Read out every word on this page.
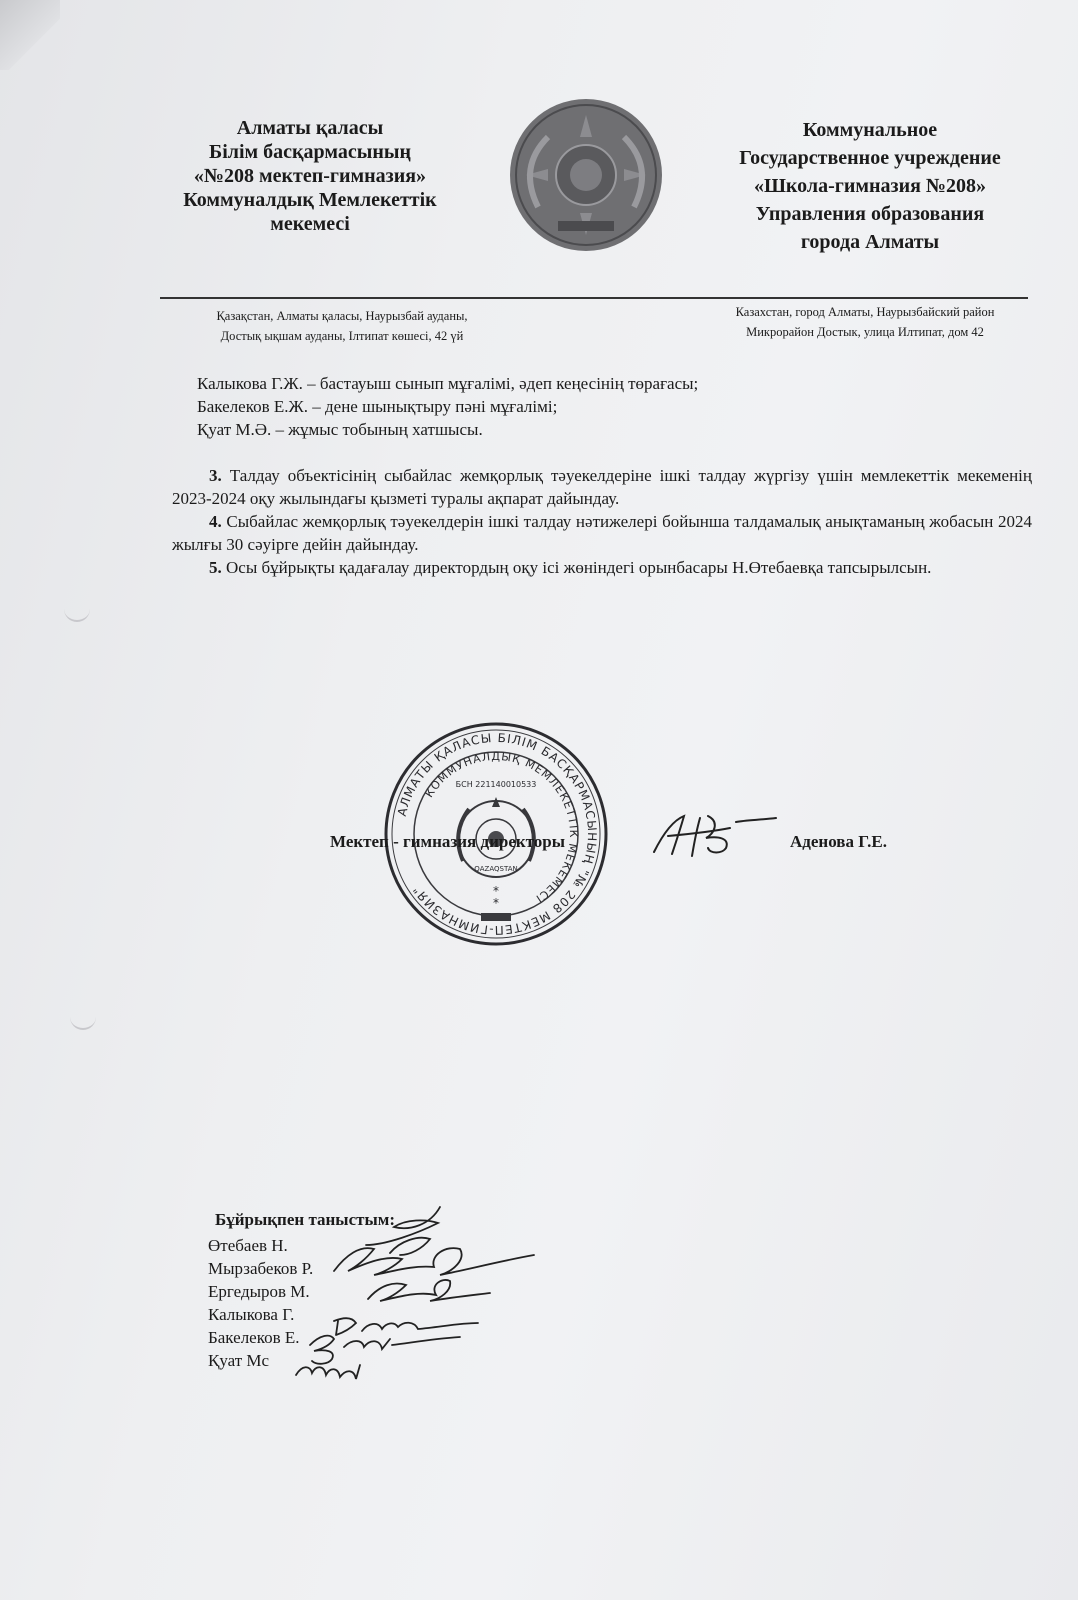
Алматы қаласы
Білім басқармасының
«№208 мектеп-гимназия»
Коммуналдық Мемлекеттік
мекемесі
Коммунальное
Государственное учреждение
«Школа-гимназия №208»
Управления образования
города Алматы
Қазақстан, Алматы қаласы, Наурызбай ауданы,
Достық ықшам ауданы, Ілтипат көшесі, 42 үй
Казахстан, город Алматы, Наурызбайский район
Микрорайон Достык, улица Илтипат, дом 42

Калыкова Г.Ж. – бастауыш сынып мұғалімі, әдеп кеңесінің төрағасы;

Бакелеков Е.Ж. – дене шынықтыру пәні мұғалімі;

Қуат М.Ә. – жұмыс тобының хатшысы.

3. Талдау объектісінің сыбайлас жемқорлық тәуекелдеріне ішкі талдау жүргізу үшін мемлекеттік мекеменің 2023-2024 оқу жылындағы қызметі туралы ақпарат дайындау.

4. Сыбайлас жемқорлық тәуекелдерін ішкі талдау нәтижелері бойынша талдамалық анықтаманың жобасын 2024 жылғы 30 сәуірге дейін дайындау.

5. Осы бұйрықты қадағалау директордың оқу ісі жөніндегі орынбасары Н.Өтебаевқа тапсырылсын.

АЛМАТЫ ҚАЛАСЫ БІЛІМ БАСҚАРМАСЫНЫҢ "№ 208 МЕКТЕП-ГИМНАЗИЯ"
КОММУНАЛДЫҚ МЕМЛЕКЕТТІК МЕКЕМЕСІ
БСН 221140010533
QAZAQSTAN
*
*
Мектеп - гимназия директоры	Аденова Г.Е.
Бұйрықпен таныстым:
Өтебаев Н.
Мырзабеков Р.
Ергедыров М.
Калыкова Г.
Бакелеков Е.
Қуат Мс
